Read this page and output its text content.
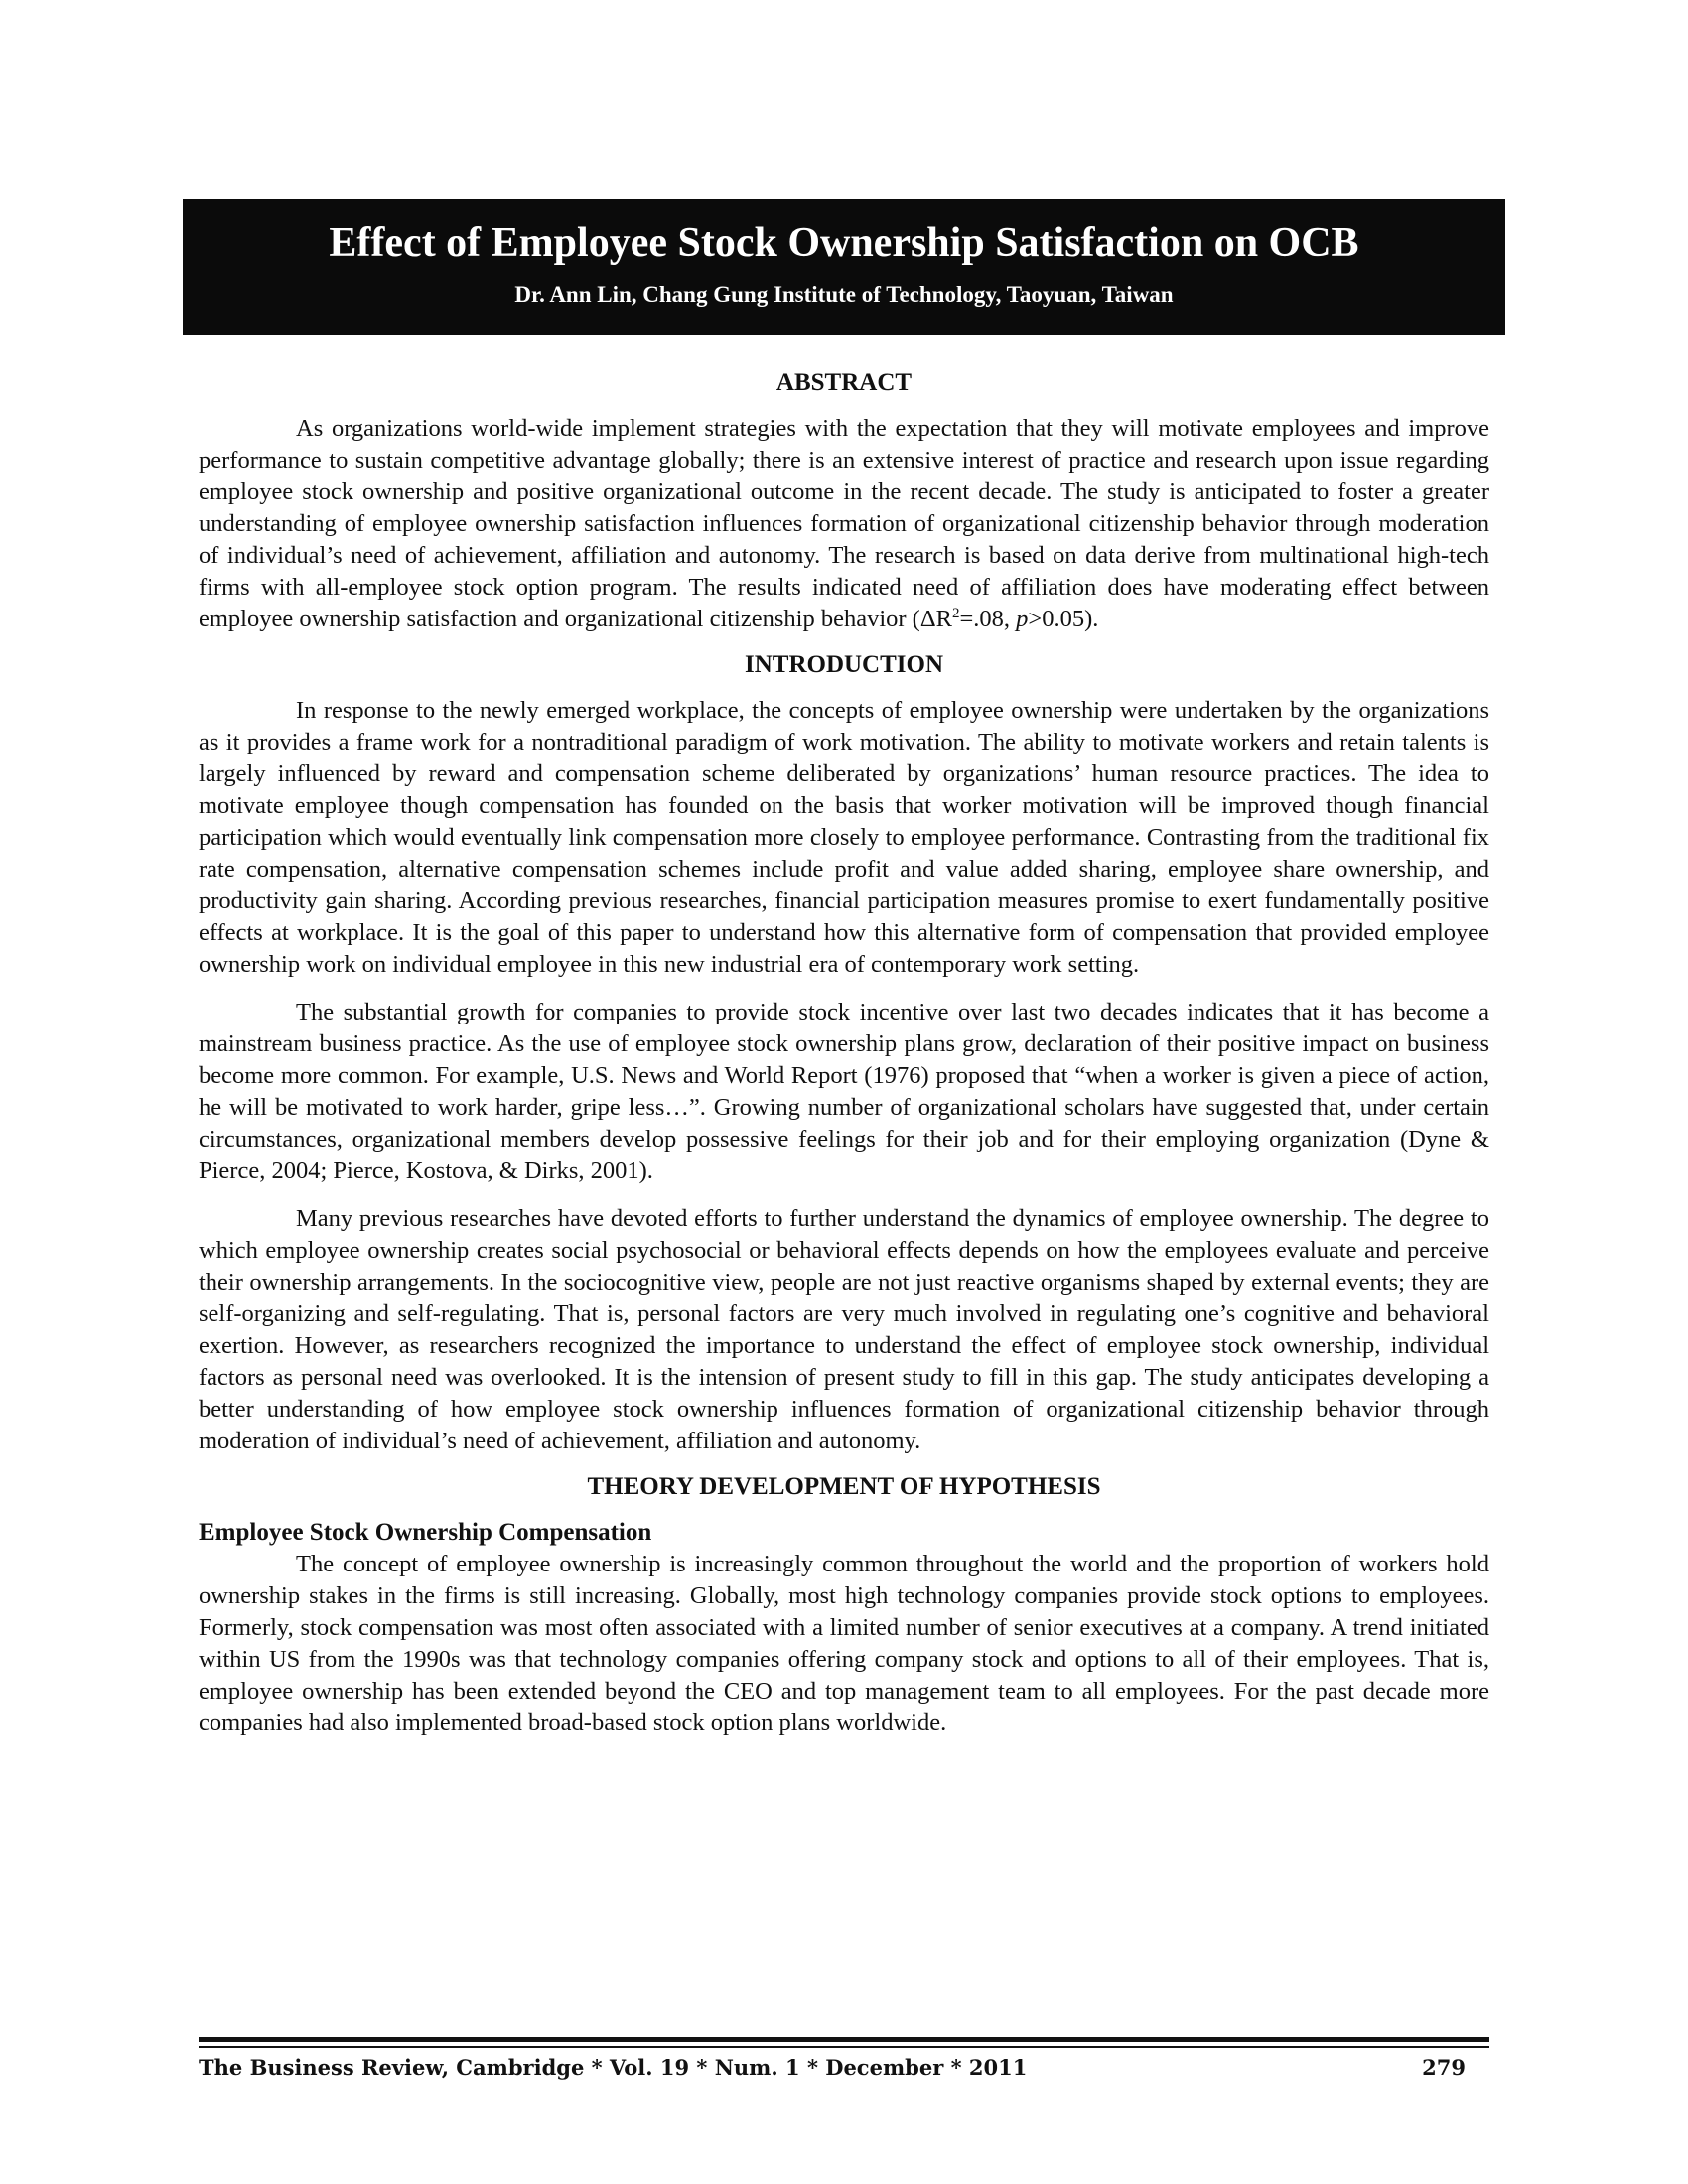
Effect of Employee Stock Ownership Satisfaction on OCB
Dr. Ann Lin, Chang Gung Institute of Technology, Taoyuan, Taiwan
ABSTRACT

As organizations world-wide implement strategies with the expectation that they will motivate employees and improve performance to sustain competitive advantage globally; there is an extensive interest of practice and research upon issue regarding employee stock ownership and positive organizational outcome in the recent decade. The study is anticipated to foster a greater understanding of employee ownership satisfaction influences formation of organizational citizenship behavior through moderation of individual’s need of achievement, affiliation and autonomy. The research is based on data derive from multinational high-tech firms with all-employee stock option program. The results indicated need of affiliation does have moderating effect between employee ownership satisfaction and organizational citizenship behavior ($\Delta R^2=.08$, p>0.05).

INTRODUCTION

In response to the newly emerged workplace, the concepts of employee ownership were undertaken by the organizations as it provides a frame work for a nontraditional paradigm of work motivation. The ability to motivate workers and retain talents is largely influenced by reward and compensation scheme deliberated by organizations’ human resource practices. The idea to motivate employee though compensation has founded on the basis that worker motivation will be improved though financial participation which would eventually link compensation more closely to employee performance. Contrasting from the traditional fix rate compensation, alternative compensation schemes include profit and value added sharing, employee share ownership, and productivity gain sharing. According previous researches, financial participation measures promise to exert fundamentally positive effects at workplace. It is the goal of this paper to understand how this alternative form of compensation that provided employee ownership work on individual employee in this new industrial era of contemporary work setting.

The substantial growth for companies to provide stock incentive over last two decades indicates that it has become a mainstream business practice. As the use of employee stock ownership plans grow, declaration of their positive impact on business become more common. For example, U.S. News and World Report (1976) proposed that “when a worker is given a piece of action, he will be motivated to work harder, gripe less…”. Growing number of organizational scholars have suggested that, under certain circumstances, organizational members develop possessive feelings for their job and for their employing organization (Dyne & Pierce, 2004; Pierce, Kostova, & Dirks, 2001).

Many previous researches have devoted efforts to further understand the dynamics of employee ownership. The degree to which employee ownership creates social psychosocial or behavioral effects depends on how the employees evaluate and perceive their ownership arrangements. In the sociocognitive view, people are not just reactive organisms shaped by external events; they are self-organizing and self-regulating. That is, personal factors are very much involved in regulating one’s cognitive and behavioral exertion. However, as researchers recognized the importance to understand the effect of employee stock ownership, individual factors as personal need was overlooked. It is the intension of present study to fill in this gap. The study anticipates developing a better understanding of how employee stock ownership influences formation of organizational citizenship behavior through moderation of individual’s need of achievement, affiliation and autonomy.

THEORY DEVELOPMENT OF HYPOTHESIS
Employee Stock Ownership Compensation

The concept of employee ownership is increasingly common throughout the world and the proportion of workers hold ownership stakes in the firms is still increasing. Globally, most high technology companies provide stock options to employees. Formerly, stock compensation was most often associated with a limited number of senior executives at a company. A trend initiated within US from the 1990s was that technology companies offering company stock and options to all of their employees. That is, employee ownership has been extended beyond the CEO and top management team to all employees. For the past decade more companies had also implemented broad-based stock option plans worldwide.

The Business Review, Cambridge * Vol. 19 * Num. 1 * December * 2011	279
